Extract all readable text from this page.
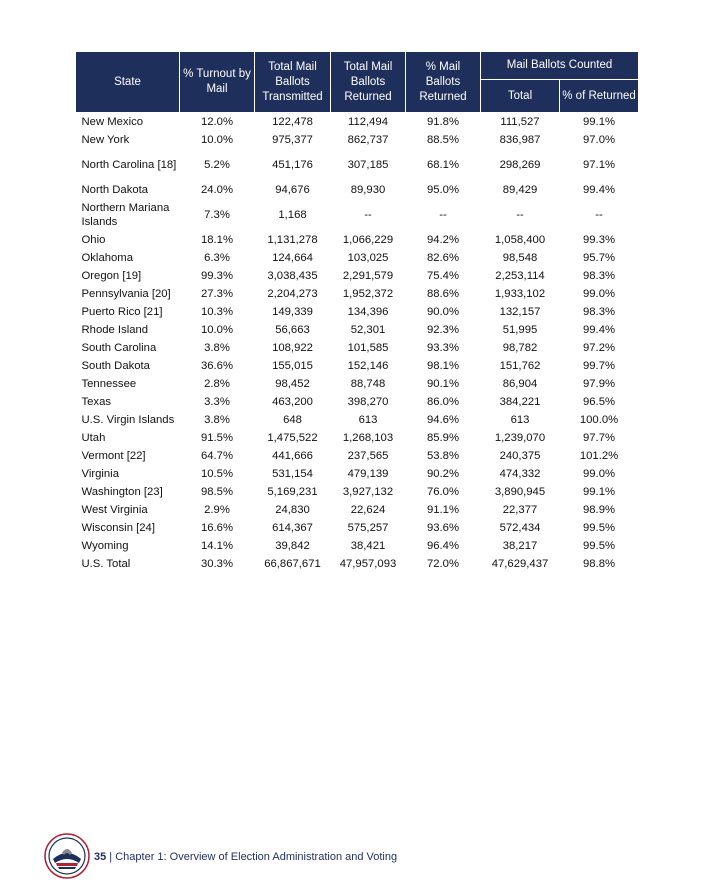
State	% Turnout by Mail	Total Mail Ballots Transmitted	Total Mail Ballots Returned	% Mail Ballots Returned	Mail Ballots Counted	
					Total	% of Returned
New Mexico	12.0%	122,478	112,494	91.8%	111,527	99.1%
New York	10.0%	975,377	862,737	88.5%	836,987	97.0%
North Carolina [18]	5.2%	451,176	307,185	68.1%	298,269	97.1%
North Dakota	24.0%	94,676	89,930	95.0%	89,429	99.4%
Northern Mariana Islands	7.3%	1,168	--	--	--	--
Ohio	18.1%	1,131,278	1,066,229	94.2%	1,058,400	99.3%
Oklahoma	6.3%	124,664	103,025	82.6%	98,548	95.7%
Oregon [19]	99.3%	3,038,435	2,291,579	75.4%	2,253,114	98.3%
Pennsylvania [20]	27.3%	2,204,273	1,952,372	88.6%	1,933,102	99.0%
Puerto Rico [21]	10.3%	149,339	134,396	90.0%	132,157	98.3%
Rhode Island	10.0%	56,663	52,301	92.3%	51,995	99.4%
South Carolina	3.8%	108,922	101,585	93.3%	98,782	97.2%
South Dakota	36.6%	155,015	152,146	98.1%	151,762	99.7%
Tennessee	2.8%	98,452	88,748	90.1%	86,904	97.9%
Texas	3.3%	463,200	398,270	86.0%	384,221	96.5%
U.S. Virgin Islands	3.8%	648	613	94.6%	613	100.0%
Utah	91.5%	1,475,522	1,268,103	85.9%	1,239,070	97.7%
Vermont [22]	64.7%	441,666	237,565	53.8%	240,375	101.2%
Virginia	10.5%	531,154	479,139	90.2%	474,332	99.0%
Washington [23]	98.5%	5,169,231	3,927,132	76.0%	3,890,945	99.1%
West Virginia	2.9%	24,830	22,624	91.1%	22,377	98.9%
Wisconsin [24]	16.6%	614,367	575,257	93.6%	572,434	99.5%
Wyoming	14.1%	39,842	38,421	96.4%	38,217	99.5%
U.S. Total	30.3%	66,867,671	47,957,093	72.0%	47,629,437	98.8%
35 | Chapter 1: Overview of Election Administration and Voting
